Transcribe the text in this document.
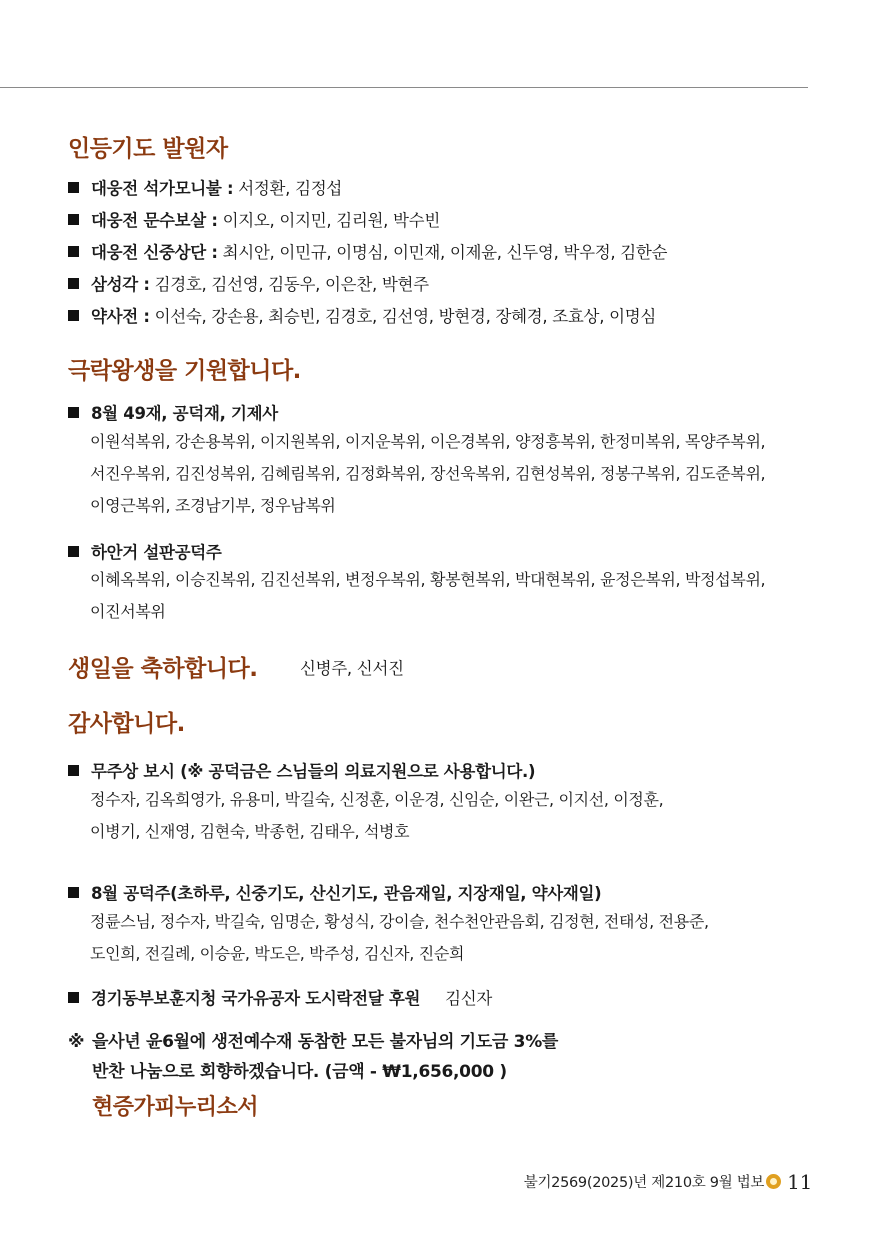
인등기도 발원자
대웅전 석가모니불 : 서정환, 김정섭
대웅전 문수보살 : 이지오, 이지민, 김리원, 박수빈
대웅전 신중상단 : 최시안, 이민규, 이명심, 이민재, 이제윤, 신두영, 박우정, 김한순
삼성각 : 김경호, 김선영, 김동우, 이은찬, 박현주
약사전 : 이선숙, 강손용, 최승빈, 김경호, 김선영, 방현경, 장혜경, 조효상, 이명심
극락왕생을 기원합니다.
8월 49재, 공덕재, 기제사
이원석복위, 강손용복위, 이지원복위, 이지운복위, 이은경복위, 양정흥복위, 한정미복위, 목양주복위,
서진우복위, 김진성복위, 김혜림복위, 김정화복위, 장선욱복위, 김현성복위, 정봉구복위, 김도준복위,
이영근복위, 조경남기부, 정우남복위
하안거 설판공덕주
이혜옥복위, 이승진복위, 김진선복위, 변정우복위, 황봉현복위, 박대현복위, 윤정은복위, 박정섭복위,
이진서복위
생일을 축하합니다.	신병주, 신서진
감사합니다.
무주상 보시 (※ 공덕금은 스님들의 의료지원으로 사용합니다.)
정수자, 김옥희영가, 유용미, 박길숙, 신정훈, 이운경, 신임순, 이완근, 이지선, 이정훈,
이병기, 신재영, 김현숙, 박종헌, 김태우, 석병호
8월 공덕주(초하루, 신중기도, 산신기도, 관음재일, 지장재일, 약사재일)
정륜스님, 정수자, 박길숙, 임명순, 황성식, 강이슬, 천수천안관음회, 김정현, 전태성, 전용준,
도인희, 전길례, 이승윤, 박도은, 박주성, 김신자, 진순희
경기동부보훈지청 국가유공자 도시락전달 후원 김신자
※ 을사년 윤6월에 생전예수재 동참한 모든 불자님의 기도금 3%를
반찬 나눔으로 회향하겠습니다. (금액 - ₩1,656,000 )
현증가피누리소서
불기2569(2025)년 제210호 9월 법보 11
